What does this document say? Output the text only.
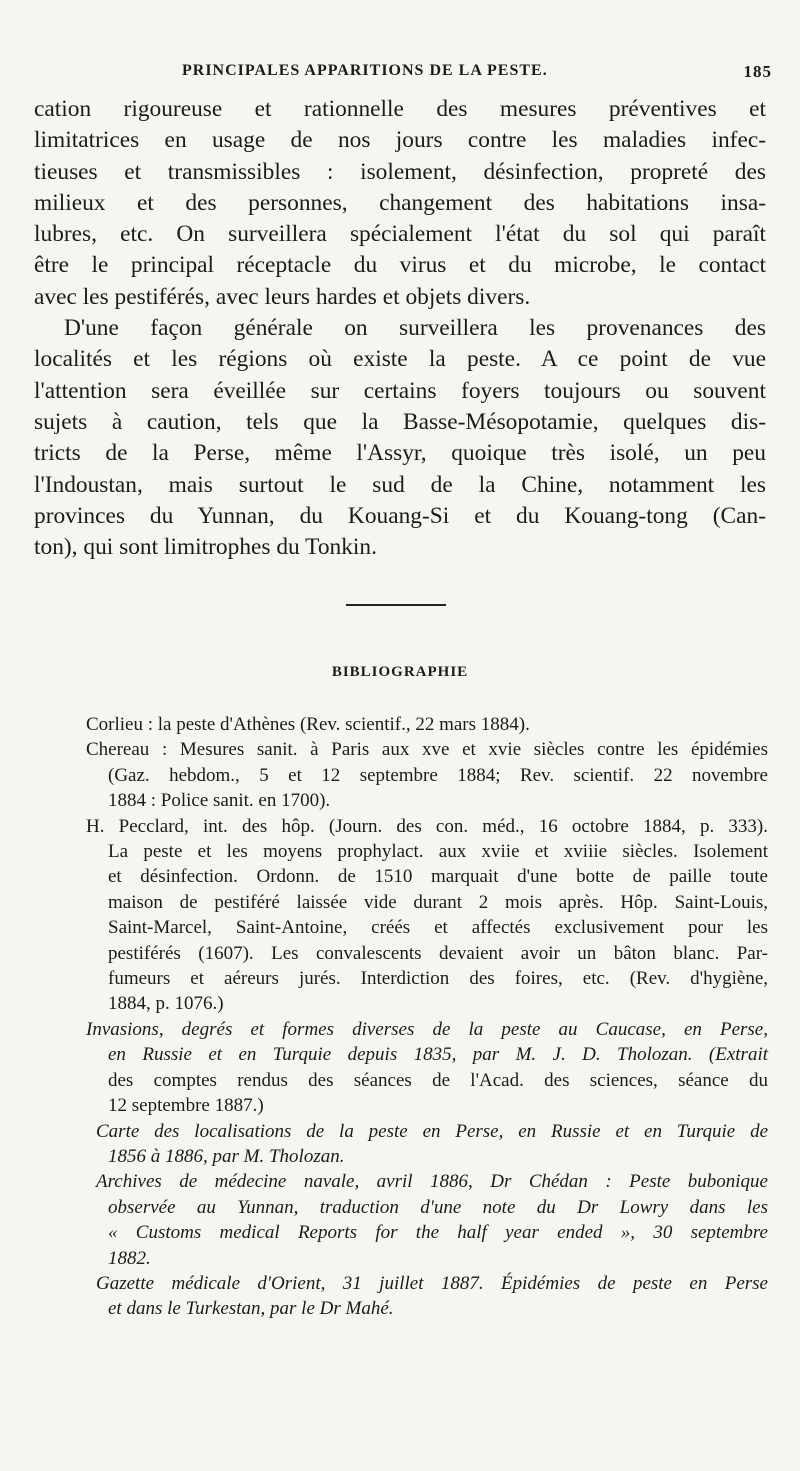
PRINCIPALES APPARITIONS DE LA PESTE.	185

cation rigoureuse et rationnelle des mesures préventives et
limitatrices en usage de nos jours contre les maladies infec-
tieuses et transmissibles : isolement, désinfection, propreté des
milieux et des personnes, changement des habitations insa-
lubres, etc. On surveillera spécialement l'état du sol qui paraît
être le principal réceptacle du virus et du microbe, le contact
avec les pestiférés, avec leurs hardes et objets divers.

D'une façon générale on surveillera les provenances des
localités et les régions où existe la peste. A ce point de vue
l'attention sera éveillée sur certains foyers toujours ou souvent
sujets à caution, tels que la Basse-Mésopotamie, quelques dis-
tricts de la Perse, même l'Assyr, quoique très isolé, un peu
l'Indoustan, mais surtout le sud de la Chine, notamment les
provinces du Yunnan, du Kouang-Si et du Kouang-tong (Can-
ton), qui sont limitrophes du Tonkin.

BIBLIOGRAPHIE
Corlieu : la peste d'Athènes (Rev. scientif., 22 mars 1884).
Chereau : Mesures sanit. à Paris aux xve et xvie siècles contre les épidémies
(Gaz. hebdom., 5 et 12 septembre 1884; Rev. scientif. 22 novembre
1884 : Police sanit. en 1700).
H. Pecclard, int. des hôp. (Journ. des con. méd., 16 octobre 1884, p. 333).
La peste et les moyens prophylact. aux xviie et xviiie siècles. Isolement
et désinfection. Ordonn. de 1510 marquait d'une botte de paille toute
maison de pestiféré laissée vide durant 2 mois après. Hôp. Saint-Louis,
Saint-Marcel, Saint-Antoine, créés et affectés exclusivement pour les
pestiférés (1607). Les convalescents devaient avoir un bâton blanc. Par-
fumeurs et aéreurs jurés. Interdiction des foires, etc. (Rev. d'hygiène,
1884, p. 1076.)
Invasions, degrés et formes diverses de la peste au Caucase, en Perse,
en Russie et en Turquie depuis 1835, par M. J. D. Tholozan. (Extrait
des comptes rendus des séances de l'Acad. des sciences, séance du
12 septembre 1887.)
Carte des localisations de la peste en Perse, en Russie et en Turquie de
1856 à 1886, par M. Tholozan.
Archives de médecine navale, avril 1886, Dr Chédan : Peste bubonique
observée au Yunnan, traduction d'une note du Dr Lowry dans les
« Customs medical Reports for the half year ended », 30 septembre
1882.
Gazette médicale d'Orient, 31 juillet 1887. Épidémies de peste en Perse
et dans le Turkestan, par le Dr Mahé.
